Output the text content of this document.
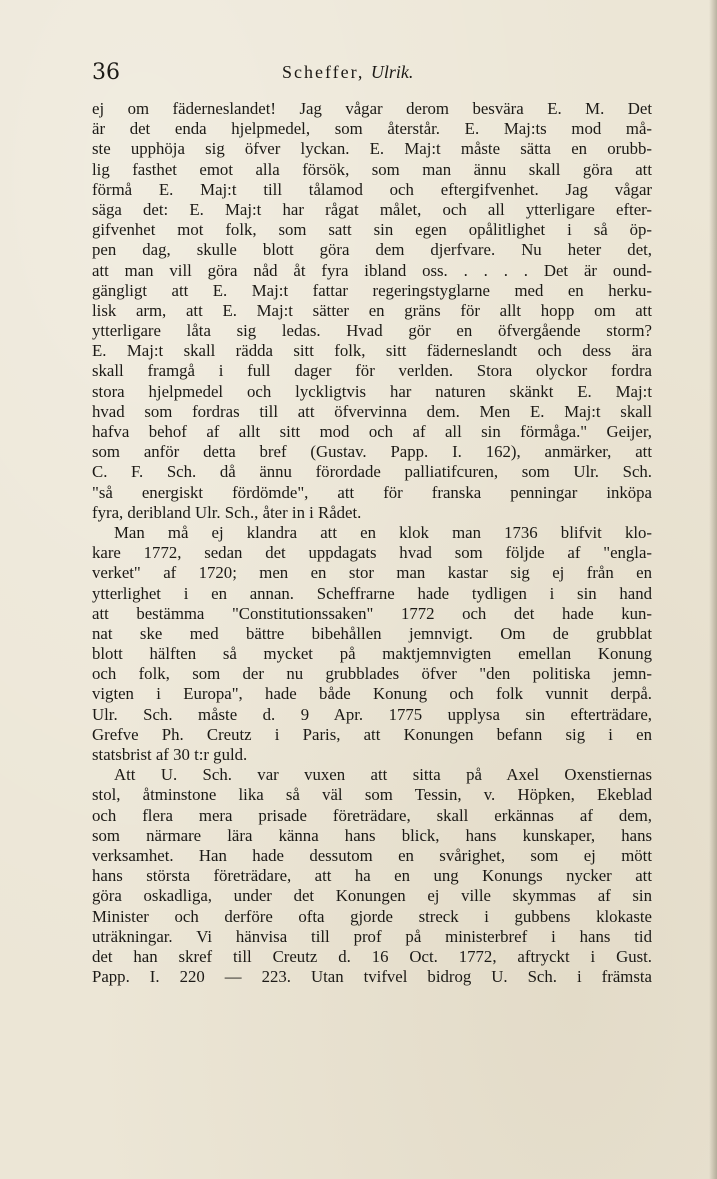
36	Scheffer, Ulrik.
ej om fäderneslandet! Jag vågar derom besvära E. M. Det
är det enda hjelpmedel, som återstår. E. Maj:ts mod må-
ste upphöja sig öfver lyckan. E. Maj:t måste sätta en orubb-
lig fasthet emot alla försök, som man ännu skall göra att
förmå E. Maj:t till tålamod och eftergifvenhet. Jag vågar
säga det: E. Maj:t har rågat målet, och all ytterligare efter-
gifvenhet mot folk, som satt sin egen opålitlighet i så öp-
pen dag, skulle blott göra dem djerfvare. Nu heter det,
att man vill göra nåd åt fyra ibland oss. . . . . Det är ound-
gängligt att E. Maj:t fattar regeringstyglarne med en herku-
lisk arm, att E. Maj:t sätter en gräns för allt hopp om att
ytterligare låta sig ledas. Hvad gör en öfvergående storm?
E. Maj:t skall rädda sitt folk, sitt fäderneslandt och dess ära
skall framgå i full dager för verlden. Stora olyckor fordra
stora hjelpmedel och lyckligtvis har naturen skänkt E. Maj:t
hvad som fordras till att öfvervinna dem. Men E. Maj:t skall
hafva behof af allt sitt mod och af all sin förmåga." Geijer,
som anför detta bref (Gustav. Papp. I. 162), anmärker, att
C. F. Sch. då ännu förordade palliatifcuren, som Ulr. Sch.
"så energiskt fördömde", att för franska penningar inköpa
fyra, deribland Ulr. Sch., åter in i Rådet.
Man må ej klandra att en klok man 1736 blifvit klo-
kare 1772, sedan det uppdagats hvad som följde af "engla-
verket" af 1720; men en stor man kastar sig ej från en
ytterlighet i en annan. Scheffrarne hade tydligen i sin hand
att bestämma "Constitutionssaken" 1772 och det hade kun-
nat ske med bättre bibehållen jemnvigt. Om de grubblat
blott hälften så mycket på maktjemnvigten emellan Konung
och folk, som der nu grubblades öfver "den politiska jemn-
vigten i Europa", hade både Konung och folk vunnit derpå.
Ulr. Sch. måste d. 9 Apr. 1775 upplysa sin efterträdare,
Grefve Ph. Creutz i Paris, att Konungen befann sig i en
statsbrist af 30 t:r guld.
Att U. Sch. var vuxen att sitta på Axel Oxenstiernas
stol, åtminstone lika så väl som Tessin, v. Höpken, Ekeblad
och flera mera prisade företrädare, skall erkännas af dem,
som närmare lära känna hans blick, hans kunskaper, hans
verksamhet. Han hade dessutom en svårighet, som ej mött
hans största företrädare, att ha en ung Konungs nycker att
göra oskadliga, under det Konungen ej ville skymmas af sin
Minister och derföre ofta gjorde streck i gubbens klokaste
uträkningar. Vi hänvisa till prof på ministerbref i hans tid
det han skref till Creutz d. 16 Oct. 1772, aftryckt i Gust.
Papp. I. 220 — 223. Utan tvifvel bidrog U. Sch. i främsta
